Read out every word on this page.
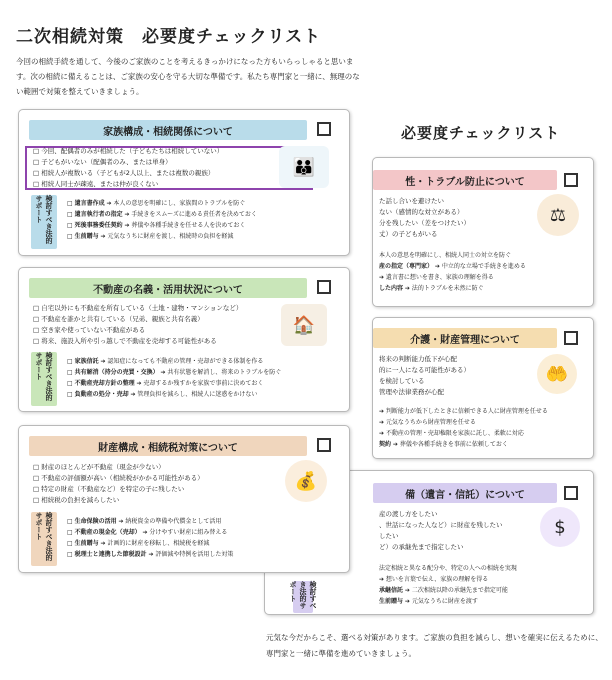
二次相続対策　必要度チェックリスト
今回の相続手続を通して、今後のご家族のことを考えるきっかけになった方もいらっしゃると思います。次の相続に備えることは、ご家族の安心を守る大切な準備です。私たち専門家と一緒に、無理のない範囲で対策を整えていきましょう。
必要度チェックリスト
性・トラブル防止について
⚖
た話し合いを避けたい
ない（感情的な対立がある）
分を残したい（差をつけたい）
丈）の子どもがいる
本人の意思を明確にし、相続人同士の対立を防ぐ
産の指定（専門家） ➔ 中立的な立場で手続きを進める
➔ 遺言書に想いを書き、家族の理解を得る
した内容 ➔ 法的トラブルを未然に防ぐ
介護・財産管理について
🤲
将来の判断能力低下が心配
的に一人になる可能性がある）
を検討している
管理や法律業務が心配
➔ 判断能力が低下したときに信頼できる人に財産管理を任せる
➔ 元気なうちから財産管理を任せる
➔ 不動産の管理・売却権限を家族に託し、柔軟に対応
契約 ➔ 葬儀や各種手続きを事前に依頼しておく
備（遺言・信託）について
$
産の渡し方をしたい
、世話になった人など）に財産を残したい
したい
ど）の承継先まで指定したい
検討すべき法的サポート
法定相続と異なる配分や、特定の人への相続を実現
➔ 想いを言葉で伝え、家族の理解を得る
承継信託 ➔ 二次相続以降の承継先まで指定可能
生前贈与 ➔ 元気なうちに財産を渡す
家族構成・相続関係について
□ 今回、配偶者のみが相続した（子どもたちは相続していない）
□ 子どもがいない（配偶者のみ、または単身）
□ 相続人が複数いる（子どもが2人以上、または複数の親族）
□ 相続人同士が疎遠、または仲が良くない
👪
検討すべき法的サポート	□ 遺言書作成 ➔ 本人の意思を明確にし、家族間のトラブルを防ぐ
□ 遺言執行者の指定 ➔ 手続きをスムーズに進める責任者を決めておく
□ 死後事務委任契約 ➔ 葬儀や各種手続きを任せる人を決めておく
□ 生前贈与 ➔ 元気なうちに財産を渡し、相続時の負担を軽減
不動産の名義・活用状況について
□ 自宅以外にも不動産を所有している（土地・建物・マンションなど）
□ 不動産を誰かと共有している（兄弟、親族と共有名義）
□ 空き家や使っていない不動産がある
□ 将来、施設入所や引っ越しで不動産を売却する可能性がある
🏠
検討すべき法的サポート	□ 家族信託 ➔ 認知症になっても不動産の管理・売却ができる体制を作る
□ 共有解消（持分の売買・交換） ➔ 共有状態を解消し、将来のトラブルを防ぐ
□ 不動産売却方針の整理 ➔ 売却するか残すかを家族で事前に決めておく
□ 負動産の処分・売却 ➔ 管理負担を減らし、相続人に迷惑をかけない
財産構成・相続税対策について
□ 財産のほとんどが不動産（現金が少ない）
□ 不動産の評価額が高い（相続税がかかる可能性がある）
□ 特定の財産（不動産など）を特定の子に残したい
□ 相続税の負担を減らしたい
💰
検討すべき法的サポート	□ 生命保険の活用 ➔ 納税資金の準備や代償金として活用
□ 不動産の現金化（売却） ➔ 分けやすい財産に組み替える
□ 生前贈与 ➔ 計画的に財産を移転し、相続税を軽減
□ 税理士と連携した節税設計 ➔ 評価減や特例を活用した対策
元気な今だからこそ、選べる対策があります。ご家族の負担を減らし、想いを確実に伝えるために、専門家と一緒に準備を進めていきましょう。
